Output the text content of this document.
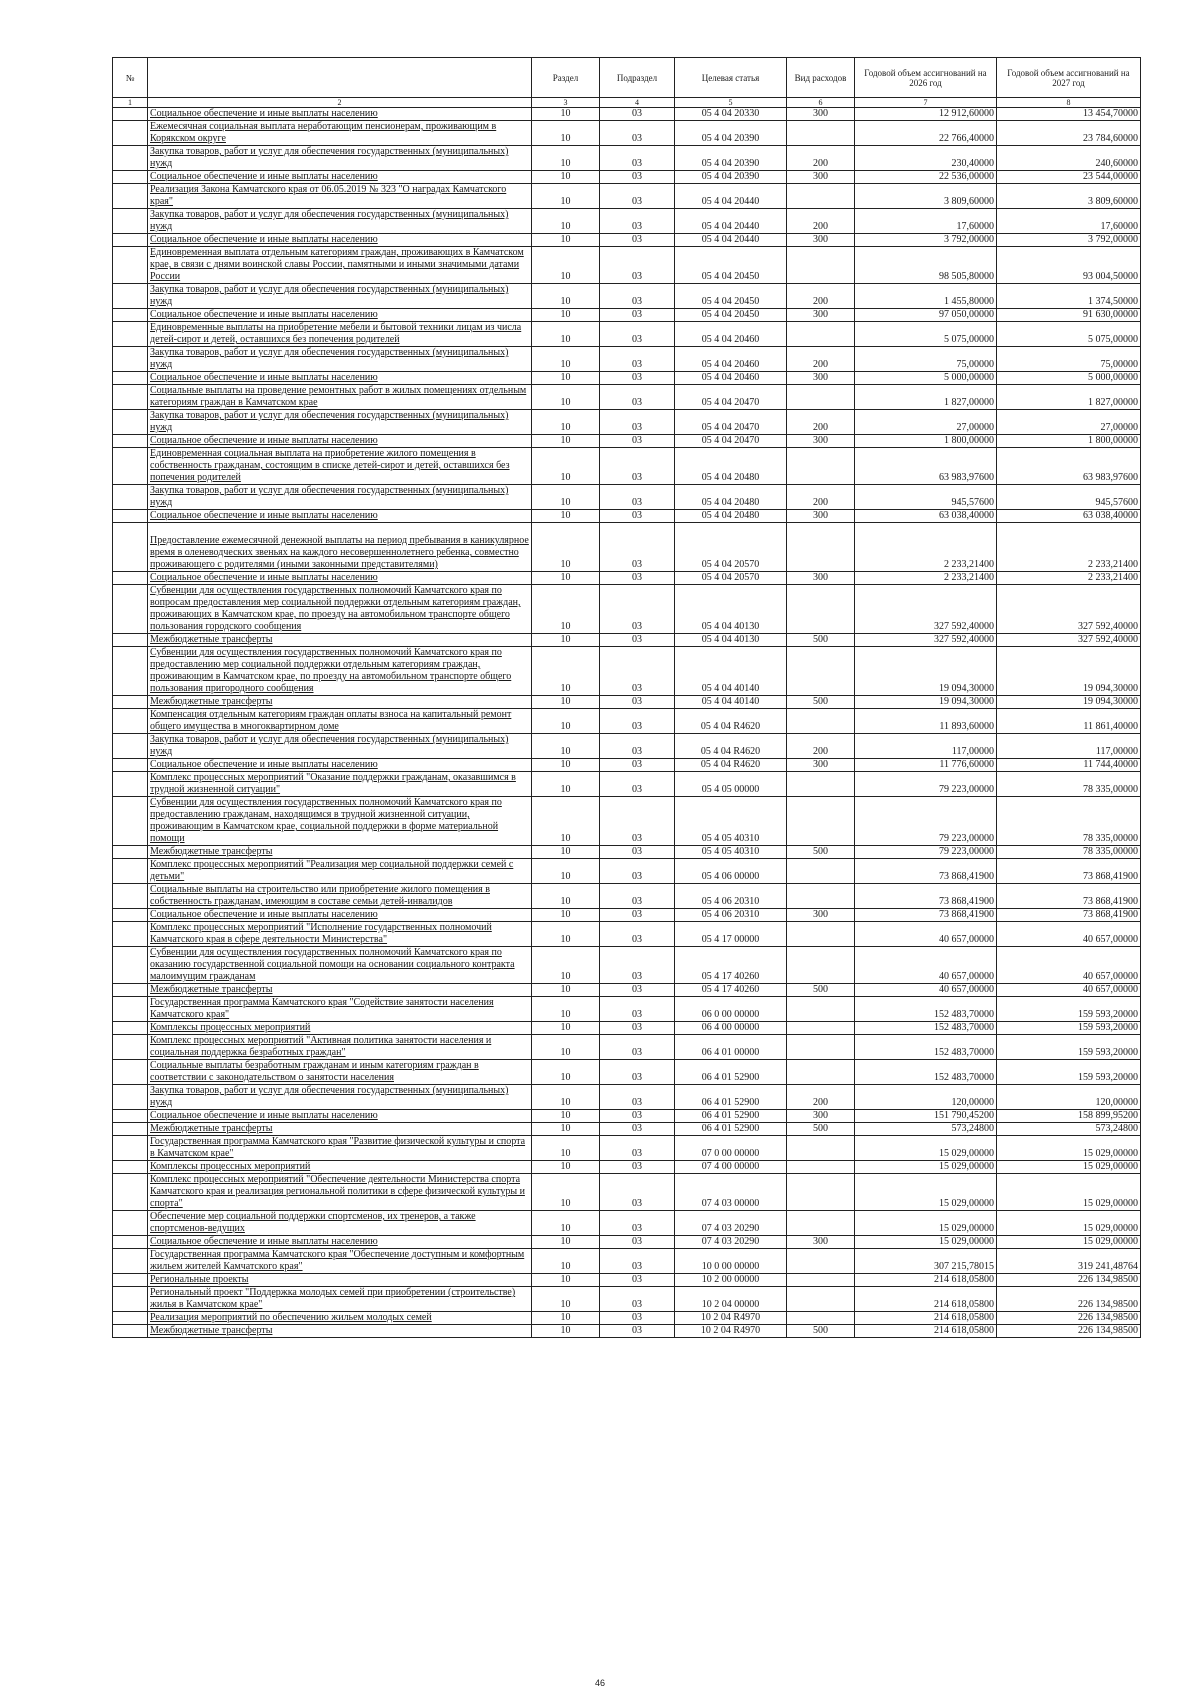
№		Раздел	Подраздел	Целевая статья	Вид расходов	Годовой объем ассигнований на 2026 год	Годовой объем ассигнований на 2027 год
1	2	3	4	5	6	7	8
	Социальное обеспечение и иные выплаты населению	10	03	05 4 04 20330	300	12 912,60000	13 454,70000
	Ежемесячная социальная выплата неработающим пенсионерам, проживающим в Корякском округе	10	03	05 4 04 20390		22 766,40000	23 784,60000
	Закупка товаров, работ и услуг для обеспечения государственных (муниципальных) нужд	10	03	05 4 04 20390	200	230,40000	240,60000
	Социальное обеспечение и иные выплаты населению	10	03	05 4 04 20390	300	22 536,00000	23 544,00000
	Реализация Закона Камчатского края от 06.05.2019 № 323 "О наградах Камчатского края"	10	03	05 4 04 20440		3 809,60000	3 809,60000
	Закупка товаров, работ и услуг для обеспечения государственных (муниципальных) нужд	10	03	05 4 04 20440	200	17,60000	17,60000
	Социальное обеспечение и иные выплаты населению	10	03	05 4 04 20440	300	3 792,00000	3 792,00000
	Единовременная выплата отдельным категориям граждан, проживающих в Камчатском крае, в связи с днями воинской славы России, памятными и иными значимыми датами России	10	03	05 4 04 20450		98 505,80000	93 004,50000
	Закупка товаров, работ и услуг для обеспечения государственных (муниципальных) нужд	10	03	05 4 04 20450	200	1 455,80000	1 374,50000
	Социальное обеспечение и иные выплаты населению	10	03	05 4 04 20450	300	97 050,00000	91 630,00000
	Единовременные выплаты на приобретение мебели и бытовой техники лицам из числа детей-сирот и детей, оставшихся без попечения родителей	10	03	05 4 04 20460		5 075,00000	5 075,00000
	Закупка товаров, работ и услуг для обеспечения государственных (муниципальных) нужд	10	03	05 4 04 20460	200	75,00000	75,00000
	Социальное обеспечение и иные выплаты населению	10	03	05 4 04 20460	300	5 000,00000	5 000,00000
	Социальные выплаты на проведение ремонтных работ в жилых помещениях отдельным категориям граждан в Камчатском крае	10	03	05 4 04 20470		1 827,00000	1 827,00000
	Закупка товаров, работ и услуг для обеспечения государственных (муниципальных) нужд	10	03	05 4 04 20470	200	27,00000	27,00000
	Социальное обеспечение и иные выплаты населению	10	03	05 4 04 20470	300	1 800,00000	1 800,00000
	Единовременная социальная выплата на приобретение жилого помещения в собственность гражданам, состоящим в списке детей-сирот и детей, оставшихся без попечения родителей	10	03	05 4 04 20480		63 983,97600	63 983,97600
	Закупка товаров, работ и услуг для обеспечения государственных (муниципальных) нужд	10	03	05 4 04 20480	200	945,57600	945,57600
	Социальное обеспечение и иные выплаты населению	10	03	05 4 04 20480	300	63 038,40000	63 038,40000
	Предоставление ежемесячной денежной выплаты на период пребывания в каникулярное время в оленеводческих звеньях на каждого несовершеннолетнего ребенка, совместно проживающего с родителями (иными законными представителями)	10	03	05 4 04 20570		2 233,21400	2 233,21400
	Социальное обеспечение и иные выплаты населению	10	03	05 4 04 20570	300	2 233,21400	2 233,21400
	Субвенции для осуществления государственных полномочий Камчатского края по вопросам предоставления мер социальной поддержки отдельным категориям граждан, проживающих в Камчатском крае, по проезду на автомобильном транспорте общего пользования городского сообщения	10	03	05 4 04 40130		327 592,40000	327 592,40000
	Межбюджетные трансферты	10	03	05 4 04 40130	500	327 592,40000	327 592,40000
	Субвенции для осуществления государственных полномочий Камчатского края по предоставлению мер социальной поддержки отдельным категориям граждан, проживающим в Камчатском крае, по проезду на автомобильном транспорте общего пользования пригородного сообщения	10	03	05 4 04 40140		19 094,30000	19 094,30000
	Межбюджетные трансферты	10	03	05 4 04 40140	500	19 094,30000	19 094,30000
	Компенсация отдельным категориям граждан оплаты взноса на капитальный ремонт общего имущества в многоквартирном доме	10	03	05 4 04 R4620		11 893,60000	11 861,40000
	Закупка товаров, работ и услуг для обеспечения государственных (муниципальных) нужд	10	03	05 4 04 R4620	200	117,00000	117,00000
	Социальное обеспечение и иные выплаты населению	10	03	05 4 04 R4620	300	11 776,60000	11 744,40000
	Комплекс процессных мероприятий "Оказание поддержки гражданам, оказавшимся в трудной жизненной ситуации"	10	03	05 4 05 00000		79 223,00000	78 335,00000
	Субвенции для осуществления государственных полномочий Камчатского края по предоставлению гражданам, находящимся в трудной жизненной ситуации, проживающим в Камчатском крае, социальной поддержки в форме материальной помощи	10	03	05 4 05 40310		79 223,00000	78 335,00000
	Межбюджетные трансферты	10	03	05 4 05 40310	500	79 223,00000	78 335,00000
	Комплекс процессных мероприятий "Реализация мер социальной поддержки семей с детьми"	10	03	05 4 06 00000		73 868,41900	73 868,41900
	Социальные выплаты на строительство или приобретение жилого помещения в собственность гражданам, имеющим в составе семьи детей-инвалидов	10	03	05 4 06 20310		73 868,41900	73 868,41900
	Социальное обеспечение и иные выплаты населению	10	03	05 4 06 20310	300	73 868,41900	73 868,41900
	Комплекс процессных мероприятий "Исполнение государственных полномочий Камчатского края в сфере деятельности Министерства"	10	03	05 4 17 00000		40 657,00000	40 657,00000
	Субвенции для осуществления государственных полномочий Камчатского края по оказанию государственной социальной помощи на основании социального контракта малоимущим гражданам	10	03	05 4 17 40260		40 657,00000	40 657,00000
	Межбюджетные трансферты	10	03	05 4 17 40260	500	40 657,00000	40 657,00000
	Государственная программа Камчатского края "Содействие занятости населения Камчатского края"	10	03	06 0 00 00000		152 483,70000	159 593,20000
	Комплексы процессных мероприятий	10	03	06 4 00 00000		152 483,70000	159 593,20000
	Комплекс процессных мероприятий "Активная политика занятости населения и социальная поддержка безработных граждан"	10	03	06 4 01 00000		152 483,70000	159 593,20000
	Социальные выплаты безработным гражданам и иным категориям граждан в соответствии с законодательством о занятости населения	10	03	06 4 01 52900		152 483,70000	159 593,20000
	Закупка товаров, работ и услуг для обеспечения государственных (муниципальных) нужд	10	03	06 4 01 52900	200	120,00000	120,00000
	Социальное обеспечение и иные выплаты населению	10	03	06 4 01 52900	300	151 790,45200	158 899,95200
	Межбюджетные трансферты	10	03	06 4 01 52900	500	573,24800	573,24800
	Государственная программа Камчатского края "Развитие физической культуры и спорта в Камчатском крае"	10	03	07 0 00 00000		15 029,00000	15 029,00000
	Комплексы процессных мероприятий	10	03	07 4 00 00000		15 029,00000	15 029,00000
	Комплекс процессных мероприятий "Обеспечение деятельности Министерства спорта Камчатского края и реализация региональной политики в сфере физической культуры и спорта"	10	03	07 4 03 00000		15 029,00000	15 029,00000
	Обеспечение мер социальной поддержки спортсменов, их тренеров, а также спортсменов-ведущих	10	03	07 4 03 20290		15 029,00000	15 029,00000
	Социальное обеспечение и иные выплаты населению	10	03	07 4 03 20290	300	15 029,00000	15 029,00000
	Государственная программа Камчатского края "Обеспечение доступным и комфортным жильем жителей Камчатского края"	10	03	10 0 00 00000		307 215,78015	319 241,48764
	Региональные проекты	10	03	10 2 00 00000		214 618,05800	226 134,98500
	Региональный проект "Поддержка молодых семей при приобретении (строительстве) жилья в Камчатском крае"	10	03	10 2 04 00000		214 618,05800	226 134,98500
	Реализация мероприятий по обеспечению жильем молодых семей	10	03	10 2 04 R4970		214 618,05800	226 134,98500
	Межбюджетные трансферты	10	03	10 2 04 R4970	500	214 618,05800	226 134,98500
46
